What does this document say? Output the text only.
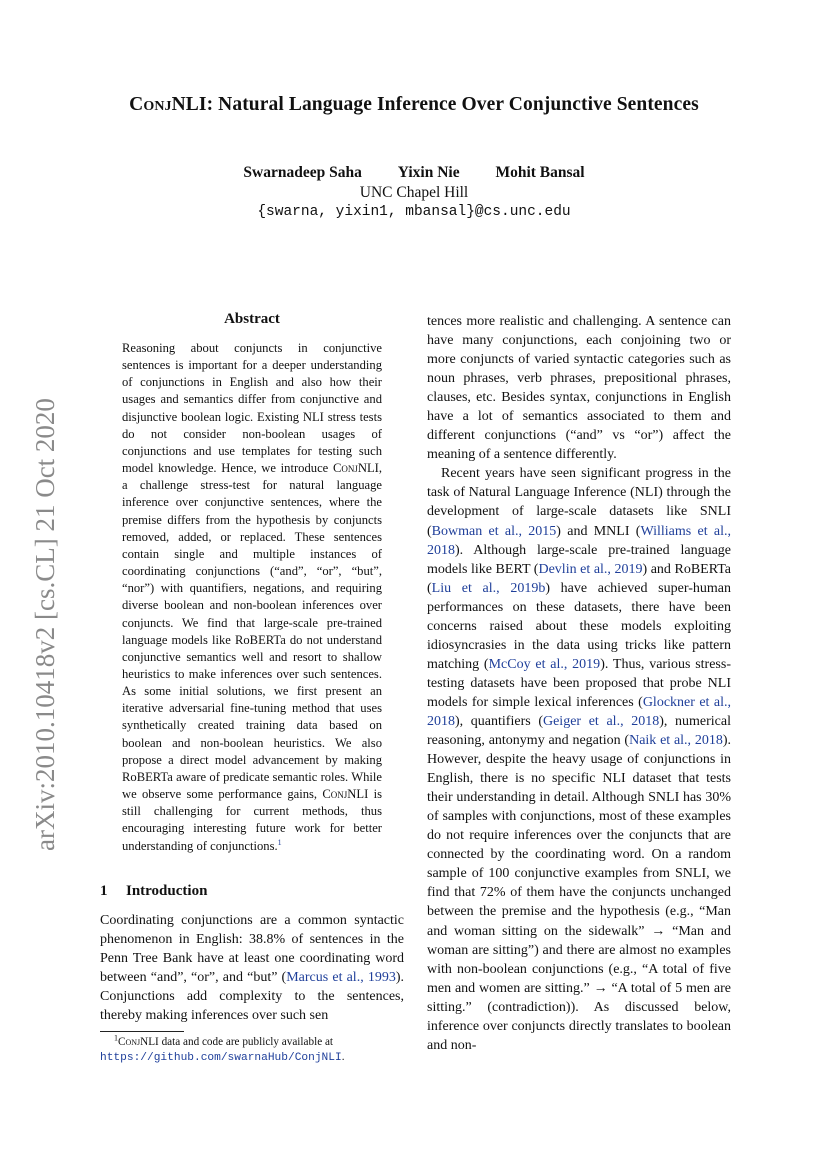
ConjNLI: Natural Language Inference Over Conjunctive Sentences
Swarnadeep Saha Yixin Nie Mohit Bansal
UNC Chapel Hill
{swarna, yixin1, mbansal}@cs.unc.edu
arXiv:2010.10418v2 [cs.CL] 21 Oct 2020
Abstract
Reasoning about conjuncts in conjunctive sentences is important for a deeper understanding of conjunctions in English and also how their usages and semantics differ from conjunctive and disjunctive boolean logic. Existing NLI stress tests do not consider non-boolean usages of conjunctions and use templates for testing such model knowledge. Hence, we introduce ConjNLI, a challenge stress-test for natural language inference over conjunctive sentences, where the premise differs from the hypothesis by conjuncts removed, added, or replaced. These sentences contain single and multiple instances of coordinating conjunctions (“and”, “or”, “but”, “nor”) with quantifiers, negations, and requiring diverse boolean and non-boolean inferences over conjuncts. We find that large-scale pre-trained language models like RoBERTa do not understand conjunctive semantics well and resort to shallow heuristics to make inferences over such sentences. As some initial solutions, we first present an iterative adversarial fine-tuning method that uses synthetically created training data based on boolean and non-boolean heuristics. We also propose a direct model advancement by making RoBERTa aware of predicate semantic roles. While we observe some performance gains, ConjNLI is still challenging for current methods, thus encouraging interesting future work for better understanding of conjunctions.$^1$
1 Introduction
Coordinating conjunctions are a common syntactic phenomenon in English: 38.8% of sentences in the Penn Tree Bank have at least one coordinating word between “and”, “or”, and “but” (Marcus et al., 1993). Conjunctions add complexity to the sentences, thereby making inferences over such sen
$^1$ConjNLI data and code are publicly available at https://github.com/swarnaHub/ConjNLI.

tences more realistic and challenging. A sentence can have many conjunctions, each conjoining two or more conjuncts of varied syntactic categories such as noun phrases, verb phrases, prepositional phrases, clauses, etc. Besides syntax, conjunctions in English have a lot of semantics associated to them and different conjunctions (“and” vs “or”) affect the meaning of a sentence differently.

Recent years have seen significant progress in the task of Natural Language Inference (NLI) through the development of large-scale datasets like SNLI (Bowman et al., 2015) and MNLI (Williams et al., 2018). Although large-scale pre-trained language models like BERT (Devlin et al., 2019) and RoBERTa (Liu et al., 2019b) have achieved super-human performances on these datasets, there have been concerns raised about these models exploiting idiosyncrasies in the data using tricks like pattern matching (McCoy et al., 2019). Thus, various stress-testing datasets have been proposed that probe NLI models for simple lexical inferences (Glockner et al., 2018), quantifiers (Geiger et al., 2018), numerical reasoning, antonymy and negation (Naik et al., 2018). However, despite the heavy usage of conjunctions in English, there is no specific NLI dataset that tests their understanding in detail. Although SNLI has 30% of samples with conjunctions, most of these examples do not require inferences over the conjuncts that are connected by the coordinating word. On a random sample of 100 conjunctive examples from SNLI, we find that 72% of them have the conjuncts unchanged between the premise and the hypothesis (e.g., “Man and woman sitting on the sidewalk” → “Man and woman are sitting”) and there are almost no examples with non-boolean conjunctions (e.g., “A total of five men and women are sitting.” → “A total of 5 men are sitting.” (contradiction)). As discussed below, inference over conjuncts directly translates to boolean and non-
